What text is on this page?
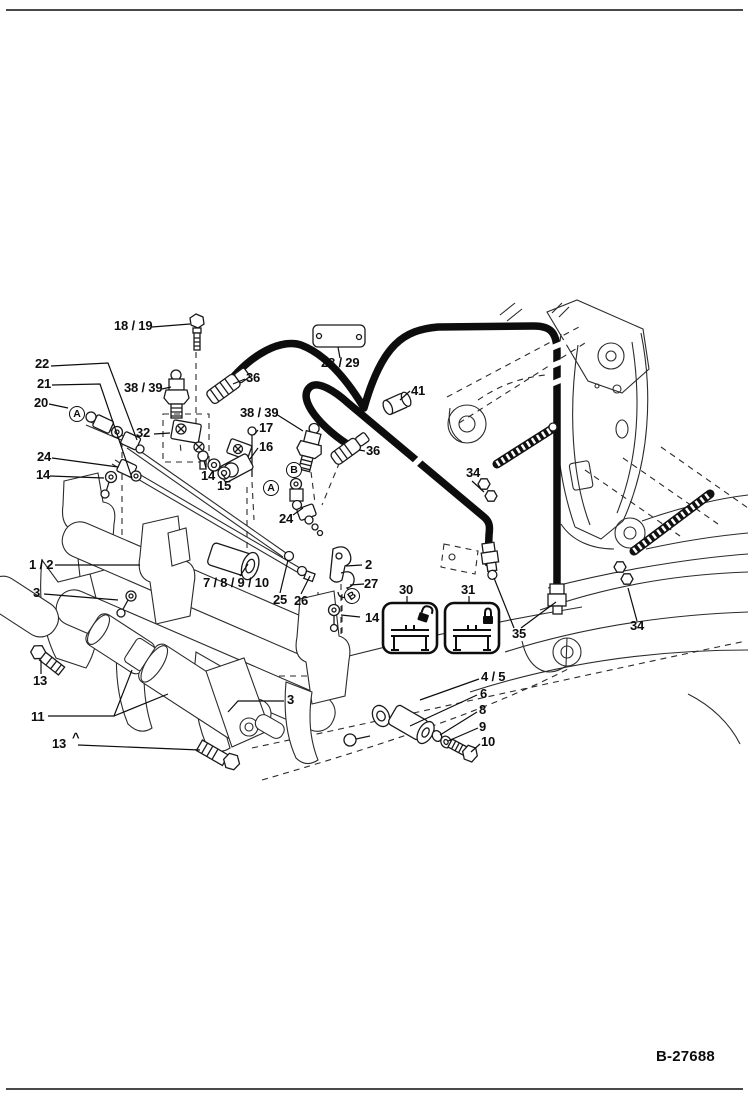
18 / 19
22
21
20
38 / 39
32
24
14
36
38 / 39
17
16
14
15
24
28 / 29
41
36
34
1 / 2
3
7 / 8 / 9 / 10
25 26
2
27
14
30	31
35
34
13
11
13 ^
4 / 5
6
8
9
10
3
A
B
A
B
B-27688
